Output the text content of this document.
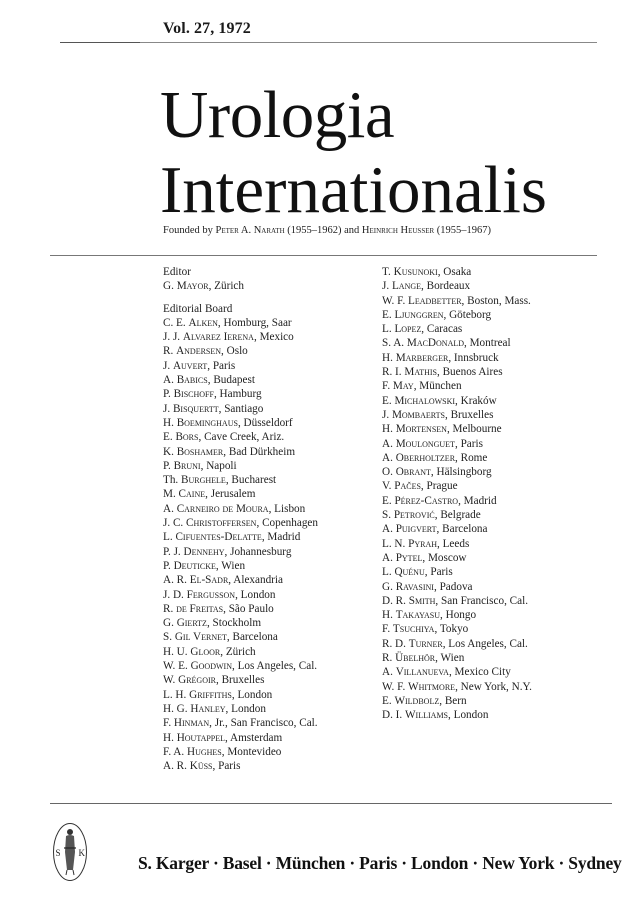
Vol. 27, 1972
Urologia
Internationalis
Founded by Peter A. Narath (1955–1962) and Heinrich Heusser (1955–1967)
Editor
G. Mayor, Zürich
Editorial Board
C. E. Alken, Homburg, Saar
J. J. Alvarez Ierena, Mexico
R. Andersen, Oslo
J. Auvert, Paris
A. Babics, Budapest
P. Bischoff, Hamburg
J. Bisquertt, Santiago
H. Boeminghaus, Düsseldorf
E. Bors, Cave Creek, Ariz.
K. Boshamer, Bad Dürkheim
P. Bruni, Napoli
Th. Burghele, Bucharest
M. Caine, Jerusalem
A. Carneiro de Moura, Lisbon
J. C. Christoffersen, Copenhagen
L. Cifuentes-Delatte, Madrid
P. J. Dennehy, Johannesburg
P. Deuticke, Wien
A. R. El-Sadr, Alexandria
J. D. Fergusson, London
R. de Freitas, São Paulo
G. Giertz, Stockholm
S. Gil Vernet, Barcelona
H. U. Gloor, Zürich
W. E. Goodwin, Los Angeles, Cal.
W. Grégoir, Bruxelles
L. H. Griffiths, London
H. G. Hanley, London
F. Hinman, Jr., San Francisco, Cal.
H. Houtappel, Amsterdam
F. A. Hughes, Montevideo
A. R. Küss, Paris
T. Kusunoki, Osaka
J. Lange, Bordeaux
W. F. Leadbetter, Boston, Mass.
E. Ljunggren, Göteborg
L. Lopez, Caracas
S. A. MacDonald, Montreal
H. Marberger, Innsbruck
R. I. Mathis, Buenos Aires
F. May, München
E. Michalowski, Kraków
J. Mombaerts, Bruxelles
H. Mortensen, Melbourne
A. Moulonguet, Paris
A. Oberholtzer, Rome
O. Obrant, Hälsingborg
V. Pačes, Prague
E. Pérez-Castro, Madrid
S. Petrović, Belgrade
A. Puigvert, Barcelona
L. N. Pyrah, Leeds
A. Pytel, Moscow
L. Quénu, Paris
G. Ravasini, Padova
D. R. Smith, San Francisco, Cal.
H. Takayasu, Hongo
F. Tsuchiya, Tokyo
R. D. Turner, Los Angeles, Cal.
R. Übelhör, Wien
A. Villanueva, Mexico City
W. F. Whitmore, New York, N.Y.
E. Wildbolz, Bern
D. I. Williams, London
S K	S. Karger · Basel · München · Paris · London · New York · Sydney
